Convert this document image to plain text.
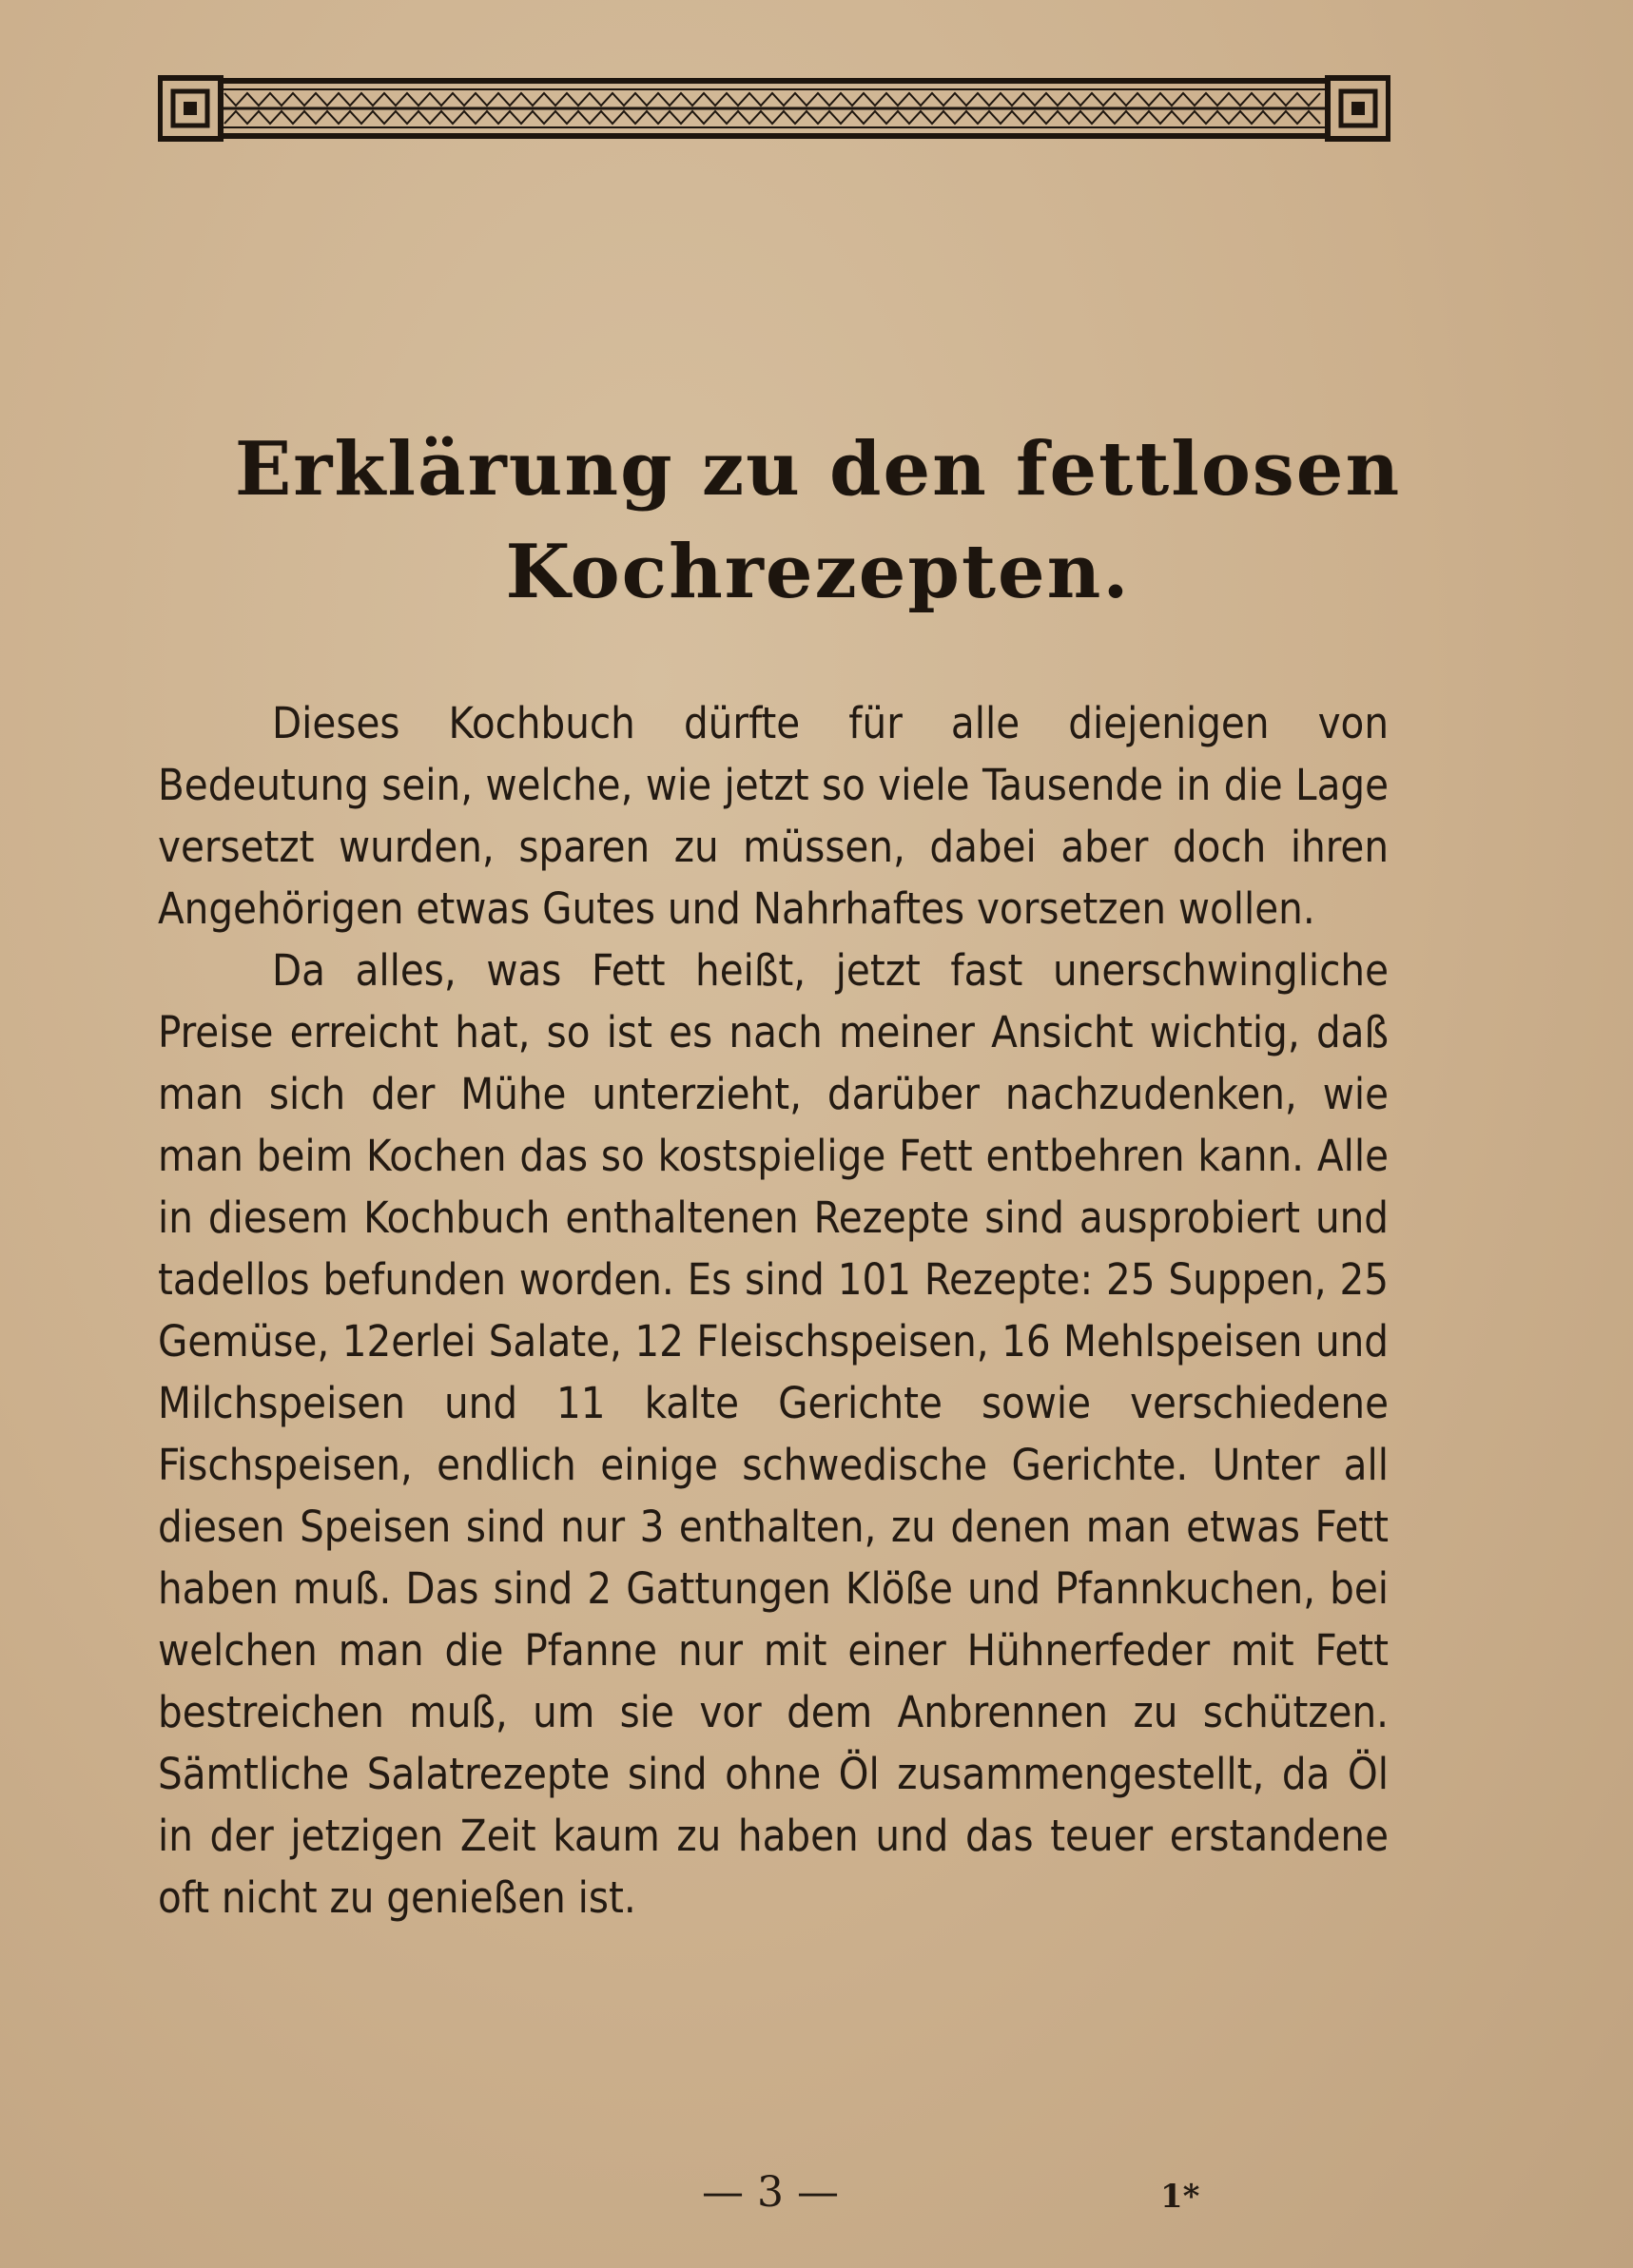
Erklärung zu den fettlosen
Kochrezepten.

Dieses Kochbuch dürfte für alle diejenigen von Bedeutung sein, welche, wie jetzt so viele Tausende in die Lage versetzt wurden, sparen zu müssen, dabei aber doch ihren Angehörigen etwas Gutes und Nahrhaftes vorsetzen wollen.

Da alles, was Fett heißt, jetzt fast unerschwingliche Preise erreicht hat, so ist es nach meiner Ansicht wichtig, daß man sich der Mühe unterzieht, darüber nachzudenken, wie man beim Kochen das so kostspielige Fett entbehren kann. Alle in diesem Kochbuch enthaltenen Rezepte sind ausprobiert und tadellos befunden worden. Es sind 101 Rezepte: 25 Suppen, 25 Gemüse, 12erlei Salate, 12 Fleischspeisen, 16 Mehlspeisen und Milchspeisen und 11 kalte Gerichte sowie verschiedene Fischspeisen, endlich einige schwedische Gerichte. Unter all diesen Speisen sind nur 3 enthalten, zu denen man etwas Fett haben muß. Das sind 2 Gattungen Klöße und Pfannkuchen, bei welchen man die Pfanne nur mit einer Hühnerfeder mit Fett bestreichen muß, um sie vor dem Anbrennen zu schützen. Sämtliche Salatrezepte sind ohne Öl zusammengestellt, da Öl in der jetzigen Zeit kaum zu haben und das teuer erstandene oft nicht zu genießen ist.

— 3 —	1*
